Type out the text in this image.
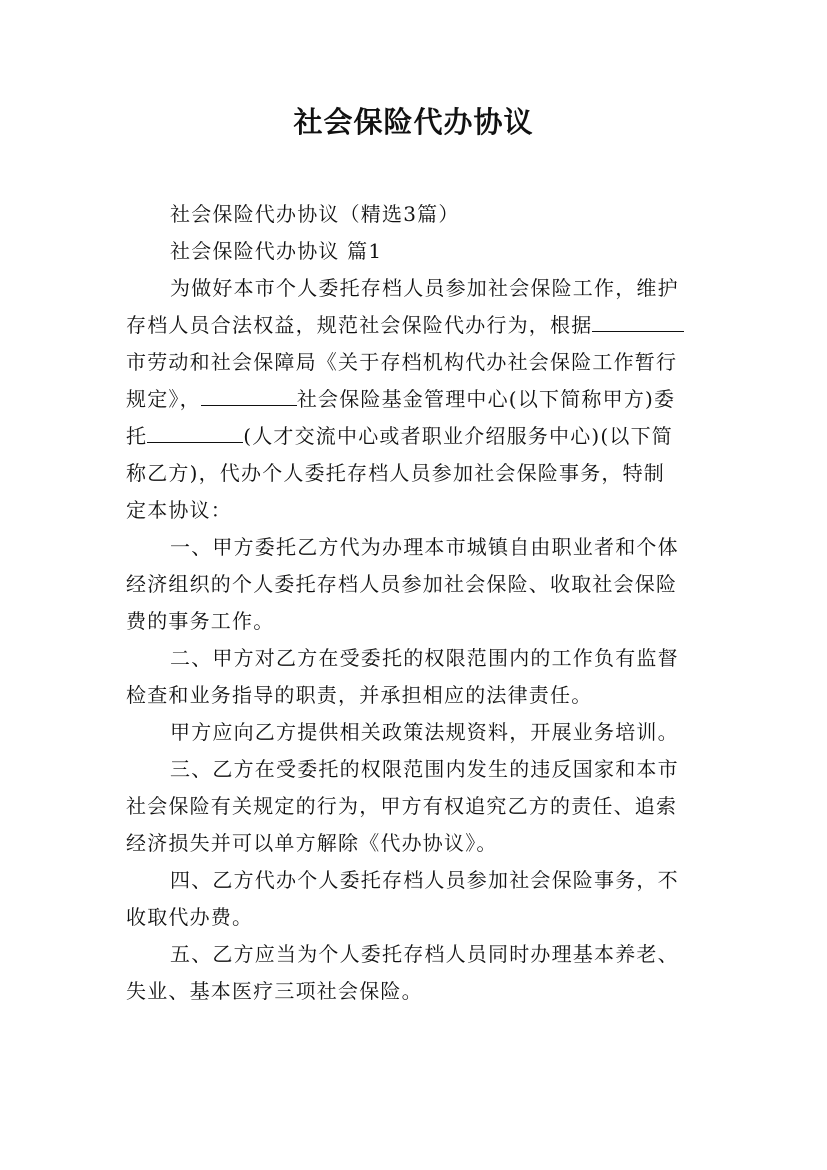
社会保险代办协议
社会保险代办协议（精选3篇）
社会保险代办协议 篇1
为做好本市个人委托存档人员参加社会保险工作，维护
存档人员合法权益，规范社会保险代办行为，根据
市劳动和社会保障局《关于存档机构代办社会保险工作暂行
规定》，	社会保险基金管理中心(以下简称甲方)委
托	(人才交流中心或者职业介绍服务中心)(以下简
称乙方)，代办个人委托存档人员参加社会保险事务，特制
定本协议：
一、甲方委托乙方代为办理本市城镇自由职业者和个体
经济组织的个人委托存档人员参加社会保险、收取社会保险
费的事务工作。
二、甲方对乙方在受委托的权限范围内的工作负有监督
检查和业务指导的职责，并承担相应的法律责任。
甲方应向乙方提供相关政策法规资料，开展业务培训。
三、乙方在受委托的权限范围内发生的违反国家和本市
社会保险有关规定的行为，甲方有权追究乙方的责任、追索
经济损失并可以单方解除《代办协议》。
四、乙方代办个人委托存档人员参加社会保险事务，不
收取代办费。
五、乙方应当为个人委托存档人员同时办理基本养老、
失业、基本医疗三项社会保险。
